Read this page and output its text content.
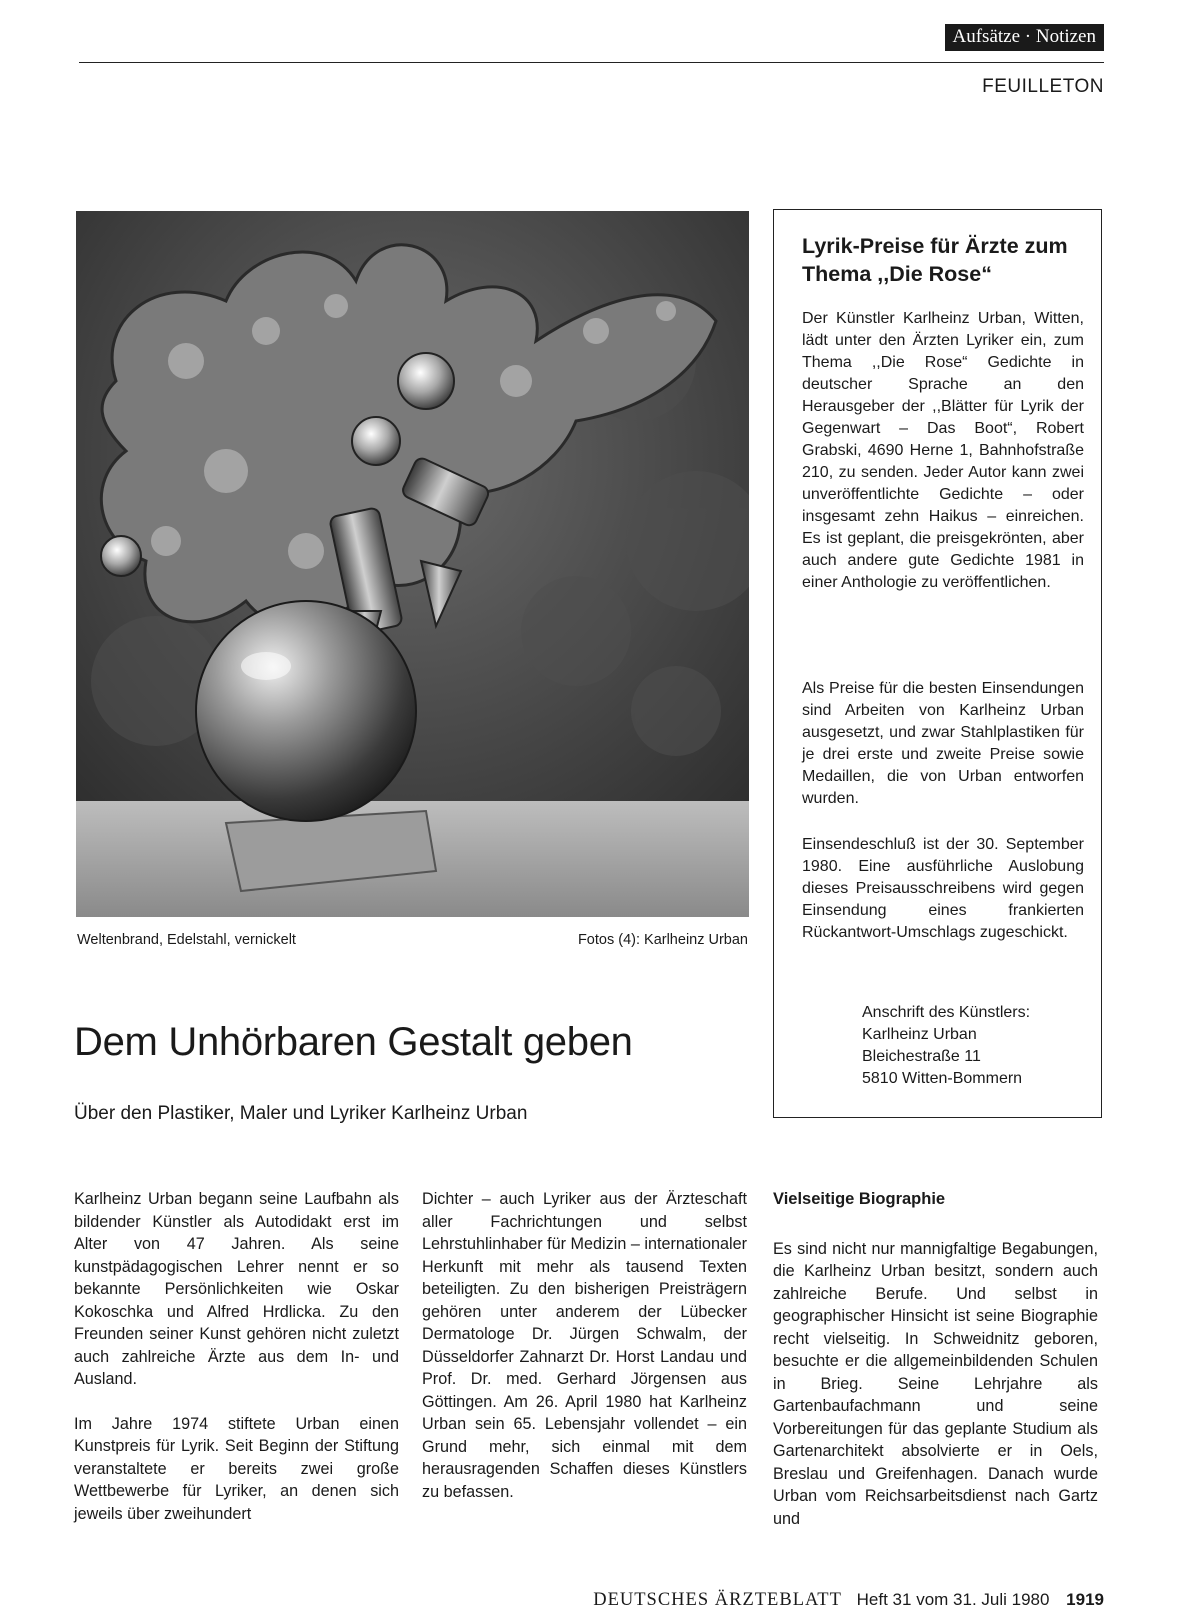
Aufsätze · Notizen
FEUILLETON
Weltenbrand, Edelstahl, vernickelt	Fotos (4): Karlheinz Urban
Dem Unhörbaren Gestalt geben

Über den Plastiker, Maler und Lyriker Karlheinz Urban

Lyrik-Preise für Ärzte zum Thema ,,Die Rose“

Der Künstler Karlheinz Urban, Witten, lädt unter den Ärzten Lyriker ein, zum Thema ,,Die Rose“ Gedichte in deutscher Sprache an den Herausgeber der ,,Blätter für Lyrik der Gegenwart – Das Boot“, Robert Grabski, 4690 Herne 1, Bahnhofstraße 210, zu senden. Jeder Autor kann zwei unveröffentlichte Gedichte – oder insgesamt zehn Haikus – einreichen. Es ist geplant, die preisgekrönten, aber auch andere gute Gedichte 1981 in einer Anthologie zu veröffentlichen.

Als Preise für die besten Einsendungen sind Arbeiten von Karlheinz Urban ausgesetzt, und zwar Stahlplastiken für je drei erste und zweite Preise sowie Medaillen, die von Urban entworfen wurden.

Einsendeschluß ist der 30. September 1980. Eine ausführliche Auslobung dieses Preisausschreibens wird gegen Einsendung eines frankierten Rückantwort-Umschlags zugeschickt.

Anschrift des Künstlers:
Karlheinz Urban
Bleichestraße 11
5810 Witten-Bommern

Karlheinz Urban begann seine Laufbahn als bildender Künstler als Autodidakt erst im Alter von 47 Jahren. Als seine kunstpädagogischen Lehrer nennt er so bekannte Persönlichkeiten wie Oskar Kokoschka und Alfred Hrdlicka. Zu den Freunden seiner Kunst gehören nicht zuletzt auch zahlreiche Ärzte aus dem In- und Ausland.

Im Jahre 1974 stiftete Urban einen Kunstpreis für Lyrik. Seit Beginn der Stiftung veranstaltete er bereits zwei große Wettbewerbe für Lyriker, an denen sich jeweils über zweihundert

Dichter – auch Lyriker aus der Ärzteschaft aller Fachrichtungen und selbst Lehrstuhlinhaber für Medizin – internationaler Herkunft mit mehr als tausend Texten beteiligten. Zu den bisherigen Preisträgern gehören unter anderem der Lübecker Dermatologe Dr. Jürgen Schwalm, der Düsseldorfer Zahnarzt Dr. Horst Landau und Prof. Dr. med. Gerhard Jörgensen aus Göttingen. Am 26. April 1980 hat Karlheinz Urban sein 65. Lebensjahr vollendet – ein Grund mehr, sich einmal mit dem herausragenden Schaffen dieses Künstlers zu befassen.

Vielseitige Biographie

Es sind nicht nur mannigfaltige Begabungen, die Karlheinz Urban besitzt, sondern auch zahlreiche Berufe. Und selbst in geographischer Hinsicht ist seine Biographie recht vielseitig. In Schweidnitz geboren, besuchte er die allgemeinbildenden Schulen in Brieg. Seine Lehrjahre als Gartenbaufachmann und seine Vorbereitungen für das geplante Studium als Gartenarchitekt absolvierte er in Oels, Breslau und Greifenhagen. Danach wurde Urban vom Reichsarbeitsdienst nach Gartz und

DEUTSCHES ÄRZTEBLATT Heft 31 vom 31. Juli 1980 1919
